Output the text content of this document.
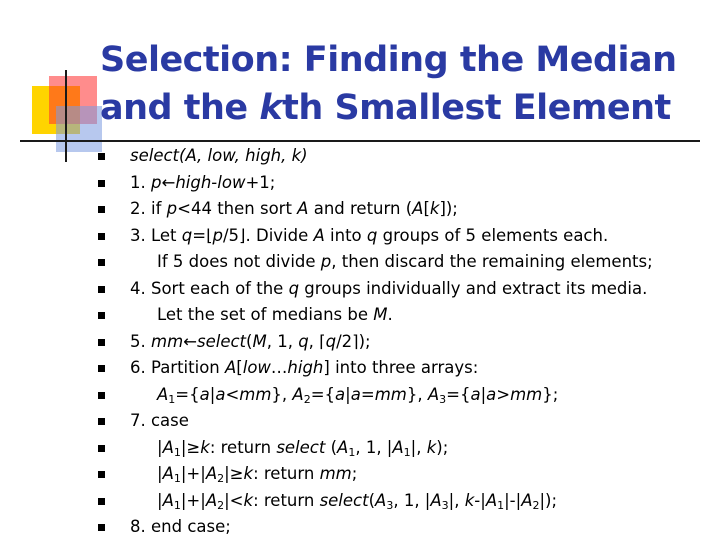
Selection: Finding the Median
and the kth Smallest Element
select(A, low, high, k)
1. p←high-low+1;
2. if p<44 then sort A and return (A[k]);
3. Let q=⌊p/5⌋. Divide A into q groups of 5 elements each.
If 5 does not divide p, then discard the remaining elements;
4. Sort each of the q groups individually and extract its media.
Let the set of medians be M.
5. mm←select(M, 1, q, ⌈q/2⌉);
6. Partition A[low…high] into three arrays:
$A_1=\{a|a<mm\}$, $A_2=\{a|a=mm\}$, $A_3=\{a|a>mm\}$;
7. case
$|A_1|\ge k$: return select ($A_1$, 1, $|A_1|$, k);
$|A_1|+|A_2|\ge k$: return mm;
$|A_1|+|A_2|<k$: return $select(A_3$, 1, $|A_3|$, $k-|A_1|-|A_2|$);
8. end case;
